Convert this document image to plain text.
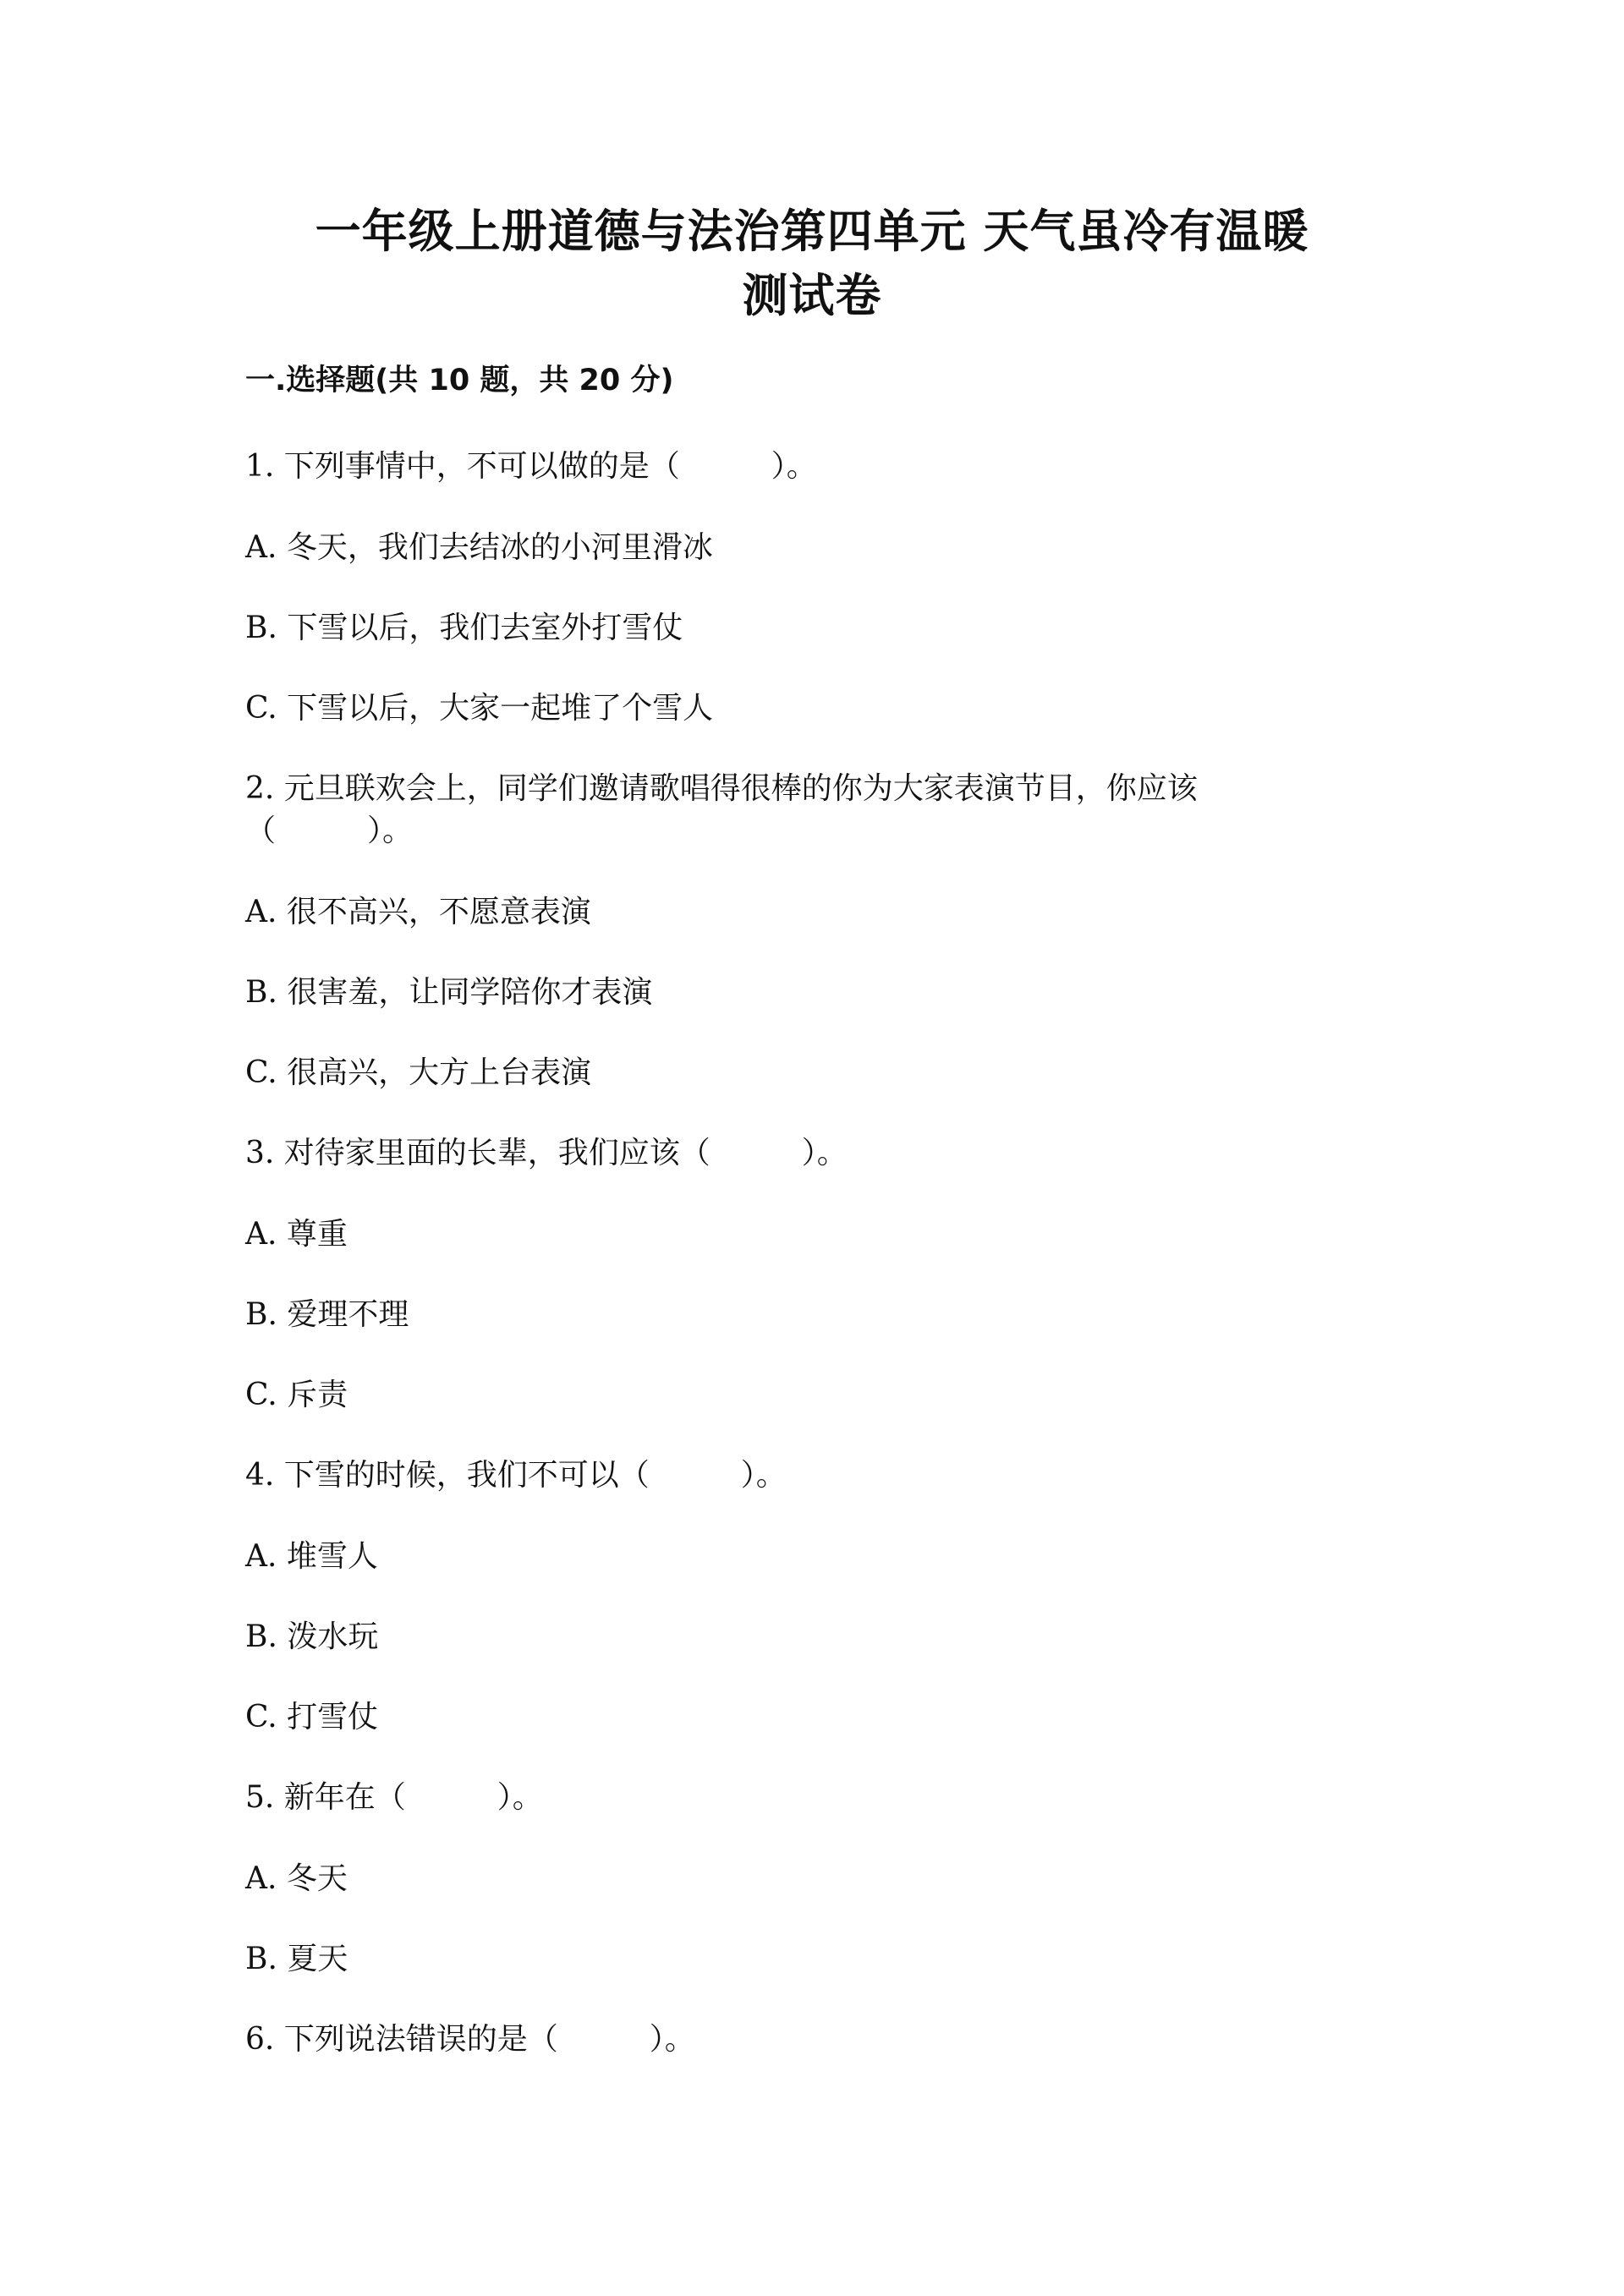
一年级上册道德与法治第四单元 天气虽冷有温暖
测试卷
一.选择题(共 10 题，共 20 分)
1. 下列事情中，不可以做的是（　　　）。
A. 冬天，我们去结冰的小河里滑冰
B. 下雪以后，我们去室外打雪仗
C. 下雪以后，大家一起堆了个雪人
2. 元旦联欢会上，同学们邀请歌唱得很棒的你为大家表演节目，你应该
（　　　）。
A. 很不高兴，不愿意表演
B. 很害羞，让同学陪你才表演
C. 很高兴，大方上台表演
3. 对待家里面的长辈，我们应该（　　　）。
A. 尊重
B. 爱理不理
C. 斥责
4. 下雪的时候，我们不可以（　　　）。
A. 堆雪人
B. 泼水玩
C. 打雪仗
5. 新年在（　　　）。
A. 冬天
B. 夏天
6. 下列说法错误的是（　　　）。
